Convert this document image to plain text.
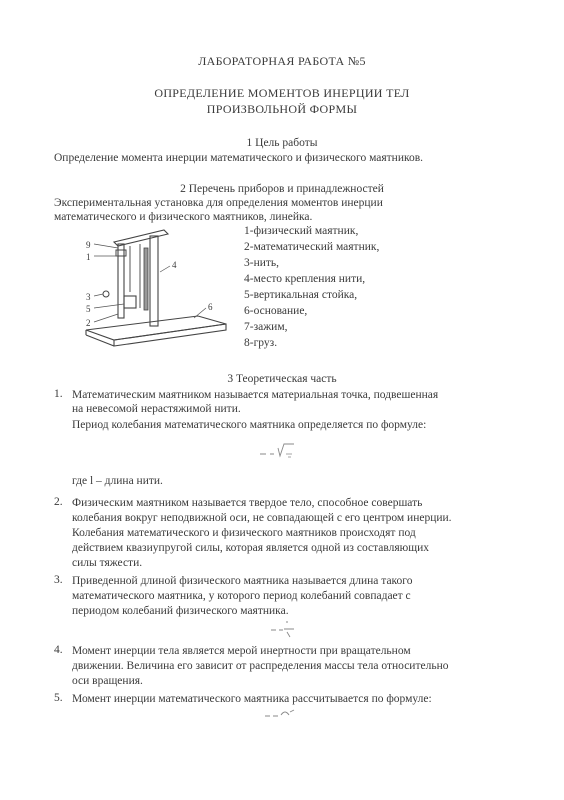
ЛАБОРАТОРНАЯ РАБОТА №5
ОПРЕДЕЛЕНИЕ МОМЕНТОВ ИНЕРЦИИ ТЕЛ
ПРОИЗВОЛЬНОЙ ФОРМЫ
1 Цель работы
Определение момента инерции математического и физического маятников.
2 Перечень приборов и принадлежностей
Экспериментальная установка для определения моментов инерции
математического и физического маятников, линейка.
9
1
3
5
2
4
6
1-физический маятник,
2-математический маятник,
3-нить,
4-место крепления нити,
5-вертикальная стойка,
6-основание,
7-зажим,
8-груз.
3 Теоретическая часть
1. Математическим маятником называется материальная точка, подвешенная
на невесомой нерастяжимой нити.
Период колебания математического маятника определяется по формуле:
где l – длина нити.
2. Физическим маятником называется твердое тело, способное совершать
колебания вокруг неподвижной оси, не совпадающей с его центром инерции.
Колебания математического и физического маятников происходят под
действием квазиупругой силы, которая является одной из составляющих
силы тяжести.
3. Приведенной длиной физического маятника называется длина такого
математического маятника, у которого период колебаний совпадает с
периодом колебаний физического маятника.
4. Момент инерции тела является мерой инертности при вращательном
движении. Величина его зависит от распределения массы тела относительно
оси вращения.
5. Момент инерции математического маятника рассчитывается по формуле:
